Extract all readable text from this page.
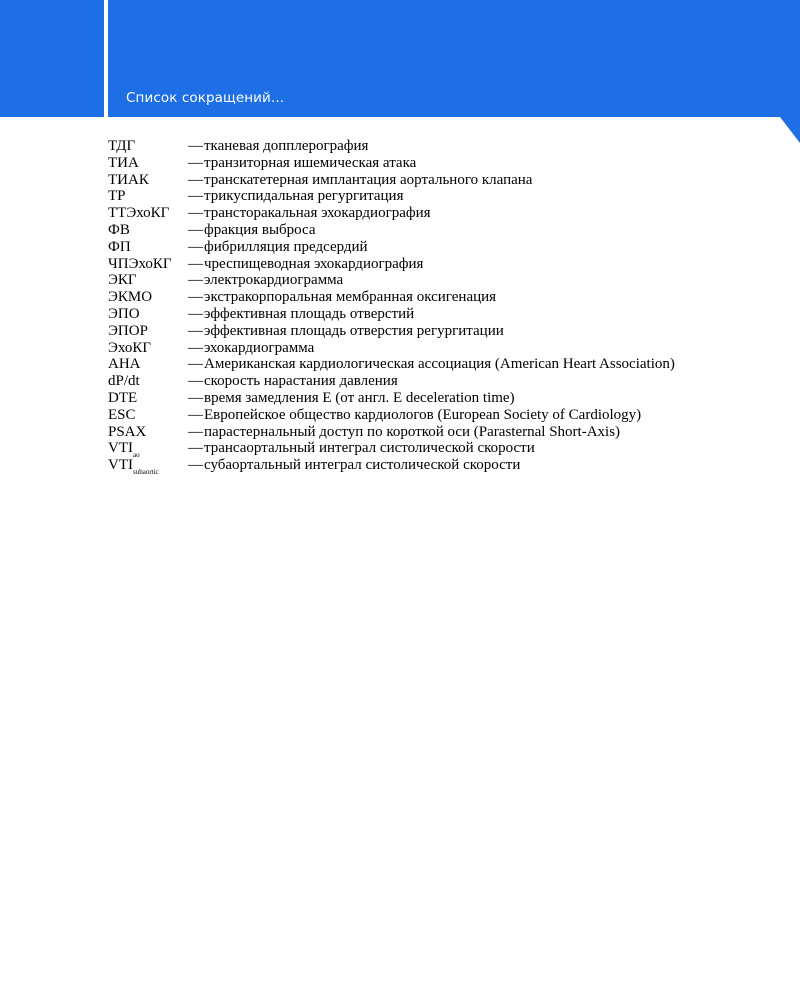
Список сокращений...
ТДГ	— тканевая допплерография
ТИА	— транзиторная ишемическая атака
ТИАК	— транскатетерная имплантация аортального клапана
ТР	— трикуспидальная регургитация
ТТЭхоКГ	— трансторакальная эхокардиография
ФВ	— фракция выброса
ФП	— фибрилляция предсердий
ЧПЭхоКГ	— чреспищеводная эхокардиография
ЭКГ	— электрокардиограмма
ЭКМО	— экстракорпоральная мембранная оксигенация
ЭПО	— эффективная площадь отверстий
ЭПОР	— эффективная площадь отверстия регургитации
ЭхоКГ	— эхокардиограмма
AHA	— Американская кардиологическая ассоциация (American Heart Association)
dP/dt	— скорость нарастания давления
DTE	— время замедления E (от англ. E deceleration time)
ESC	— Европейское общество кардиологов (European Society of Cardiology)
PSAX	— парастернальный доступ по короткой оси (Parasternal Short-Axis)
$VTI_{ao}$	— трансаортальный интеграл систолической скорости
$VTI_{subaortic}$	— субаортальный интеграл систолической скорости
